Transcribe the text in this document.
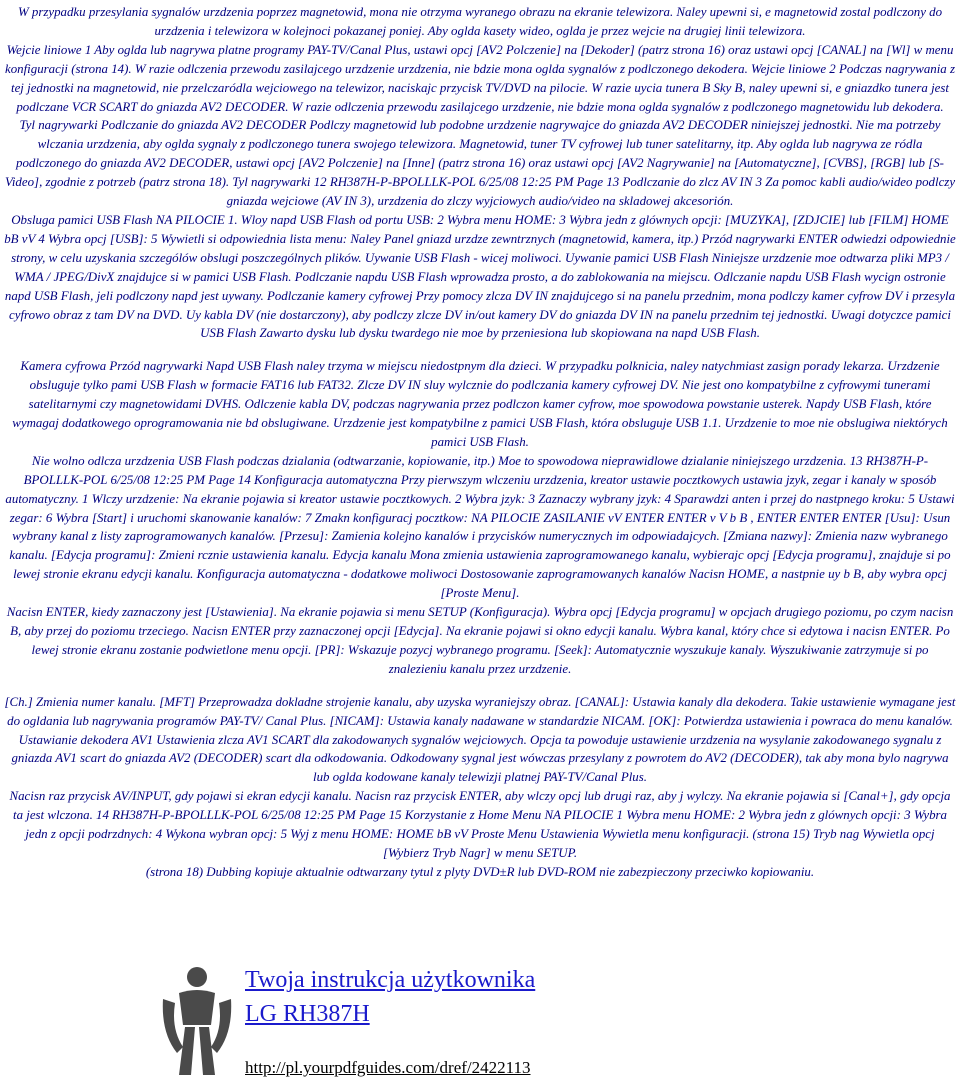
W przypadku przesylania sygnalów urzdzenia poprzez magnetowid, mona nie otrzyma wyranego obrazu na ekranie telewizora. Naley upewni si, e magnetowid zostal podlczony do urzdzenia i telewizora w kolejnoci pokazanej poniej. Aby oglda kasety wideo, oglda je przez wejcie na drugiej linii telewizora.

Wejcie liniowe 1 Aby oglda lub nagrywa platne programy PAY-TV/Canal Plus, ustawi opcj [AV2 Polczenie] na [Dekoder] (patrz strona 16) oraz ustawi opcj [CANAL] na [Wl] w menu konfiguracji (strona 14). W razie odlczenia przewodu zasilajcego urzdzenie urzdzenia, nie bdzie mona oglda sygnalów z podlczonego dekodera. Wejcie liniowe 2 Podczas nagrywania z tej jednostki na magnetowid, nie przelczaródla wejciowego na telewizor, naciskajc przycisk TV/DVD na pilocie. W razie uycia tunera B Sky B, naley upewni si, e gniazdko tunera jest podlczane VCR SCART do gniazda AV2 DECODER. W razie odlczenia przewodu zasilajcego urzdzenie, nie bdzie mona oglda sygnalów z podlczonego magnetowidu lub dekodera.

Tyl nagrywarki Podlczanie do gniazda AV2 DECODER Podlczy magnetowid lub podobne urzdzenie nagrywajce do gniazda AV2 DECODER niniejszej jednostki. Nie ma potrzeby wlczania urzdzenia, aby oglda sygnaly z podlczonego tunera swojego telewizora. Magnetowid, tuner TV cyfrowej lub tuner satelitarny, itp. Aby oglda lub nagrywa ze ródla podlczonego do gniazda AV2 DECODER, ustawi opcj [AV2 Polczenie] na [Inne] (patrz strona 16) oraz ustawi opcj [AV2 Nagrywanie] na [Automatyczne], [CVBS], [RGB] lub [S-Video], zgodnie z potrzeb (patrz strona 18). Tyl nagrywarki 12 RH387H-P-BPOLLLK-POL 6/25/08 12:25 PM Page 13 Podlczanie do zlcz AV IN 3 Za pomoc kabli audio/wideo podlczy gniazda wejciowe (AV IN 3), urzdzenia do zlczy wyjciowych audio/video na skladowej akcesorión.

Obsluga pamici USB Flash NA PILOCIE 1. Wloy napd USB Flash od portu USB: 2 Wybra menu HOME: 3 Wybra jedn z glównych opcji: [MUZYKA], [ZDJCIE] lub [FILM] HOME bB vV 4 Wybra opcj [USB]: 5 Wywietli si odpowiednia lista menu: Naley Panel gniazd urzdze zewntrznych (magnetowid, kamera, itp.) Przód nagrywarki ENTER odwiedzi odpowiednie strony, w celu uzyskania szczególów obslugi poszczególnych plików. Uywanie USB Flash - wicej moliwoci. Uywanie pamici USB Flash Niniejsze urzdzenie moe odtwarza pliki MP3 / WMA / JPEG/DivX znajdujce si w pamici USB Flash. Podlczanie napdu USB Flash wprowadza prosto, a do zablokowania na miejscu. Odlczanie napdu USB Flash wycign ostronie napd USB Flash, jeli podlczony napd jest uywany. Podlczanie kamery cyfrowej Przy pomocy zlcza DV IN znajdujcego si na panelu przednim, mona podlczy kamer cyfrow DV i przesyla cyfrowo obraz z tam DV na DVD. Uy kabla DV (nie dostarczony), aby podlczy zlcze DV in/out kamery DV do gniazda DV IN na panelu przednim tej jednostki. Uwagi dotyczce pamici USB Flash Zawarto dysku lub dysku twardego nie moe by przeniesiona lub skopiowana na napd USB Flash.

Kamera cyfrowa Przód nagrywarki Napd USB Flash naley trzyma w miejscu niedostpnym dla dzieci. W przypadku polknicia, naley natychmiast zasign porady lekarza. Urzdzenie obsluguje tylko pami USB Flash w formacie FAT16 lub FAT32. Zlcze DV IN sluy wylcznie do podlczania kamery cyfrowej DV. Nie jest ono kompatybilne z cyfrowymi tunerami satelitarnymi czy magnetowidami DVHS. Odlczenie kabla DV, podczas nagrywania przez podlczon kamer cyfrow, moe spowodowa powstanie usterek. Napdy USB Flash, które wymagaj dodatkowego oprogramowania nie bd obslugiwane. Urzdzenie jest kompatybilne z pamici USB Flash, która obsluguje USB 1.1. Urzdzenie to moe nie obslugiwa niektórych pamici USB Flash.

Nie wolno odlcza urzdzenia USB Flash podczas dzialania (odtwarzanie, kopiowanie, itp.) Moe to spowodowa nieprawidlowe dzialanie niniejszego urzdzenia. 13 RH387H-P-BPOLLLK-POL 6/25/08 12:25 PM Page 14 Konfiguracja automatyczna Przy pierwszym wlczeniu urzdzenia, kreator ustawie pocztkowych ustawia jzyk, zegar i kanaly w sposób automatyczny. 1 Wlczy urzdzenie: Na ekranie pojawia si kreator ustawie pocztkowych. 2 Wybra jzyk: 3 Zaznaczy wybrany jzyk: 4 Sparawdzi anten i przej do nastpnego kroku: 5 Ustawi zegar: 6 Wybra [Start] i uruchomi skanowanie kanalów: 7 Zmakn konfiguracj pocztkow: NA PILOCIE ZASILANIE vV ENTER ENTER v V b B , ENTER ENTER ENTER [Usu]: Usun wybrany kanal z listy zaprogramowanych kanalów. [Przesu]: Zamienia kolejno kanalów i przycisków numerycznych im odpowiadajcych. [Zmiana nazwy]: Zmienia nazw wybranego kanalu. [Edycja programu]: Zmieni rcznie ustawienia kanalu. Edycja kanalu Mona zmienia ustawienia zaprogramowanego kanalu, wybierajc opcj [Edycja programu], znajduje si po lewej stronie ekranu edycji kanalu. Konfiguracja automatyczna - dodatkowe moliwoci Dostosowanie zaprogramowanych kanalów Nacisn HOME, a nastpnie uy b B, aby wybra opcj [Proste Menu].

Nacisn ENTER, kiedy zaznaczony jest [Ustawienia]. Na ekranie pojawia si menu SETUP (Konfiguracja). Wybra opcj [Edycja programu] w opcjach drugiego poziomu, po czym nacisn B, aby przej do poziomu trzeciego. Nacisn ENTER przy zaznaczonej opcji [Edycja]. Na ekranie pojawi si okno edycji kanalu. Wybra kanal, który chce si edytowa i nacisn ENTER. Po lewej stronie ekranu zostanie podwietlone menu opcji. [PR]: Wskazuje pozycj wybranego programu. [Seek]: Automatycznie wyszukuje kanaly. Wyszukiwanie zatrzymuje si po znalezieniu kanalu przez urzdzenie.

[Ch.] Zmienia numer kanalu. [MFT] Przeprowadza dokladne strojenie kanalu, aby uzyska wyraniejszy obraz. [CANAL]: Ustawia kanaly dla dekodera. Takie ustawienie wymagane jest do ogldania lub nagrywania programów PAY-TV/ Canal Plus. [NICAM]: Ustawia kanaly nadawane w standardzie NICAM. [OK]: Potwierdza ustawienia i powraca do menu kanalów. Ustawianie dekodera AV1 Ustawienia zlcza AV1 SCART dla zakodowanych sygnalów wejciowych. Opcja ta powoduje ustawienie urzdzenia na wysylanie zakodowanego sygnalu z gniazda AV1 scart do gniazda AV2 (DECODER) scart dla odkodowania. Odkodowany sygnal jest wówczas przesylany z powrotem do AV2 (DECODER), tak aby mona bylo nagrywa lub oglda kodowane kanaly telewizji platnej PAY-TV/Canal Plus.

Nacisn raz przycisk AV/INPUT, gdy pojawi si ekran edycji kanalu. Nacisn raz przycisk ENTER, aby wlczy opcj lub drugi raz, aby j wylczy. Na ekranie pojawia si [Canal+], gdy opcja ta jest wlczona. 14 RH387H-P-BPOLLLK-POL 6/25/08 12:25 PM Page 15 Korzystanie z Home Menu NA PILOCIE 1 Wybra menu HOME: 2 Wybra jedn z glównych opcji: 3 Wybra jedn z opcji podrzdnych: 4 Wykona wybran opcj: 5 Wyj z menu HOME: HOME bB vV Proste Menu Ustawienia Wywietla menu konfiguracji. (strona 15) Tryb nag Wywietla opcj [Wybierz Tryb Nagr] w menu SETUP.

(strona 18) Dubbing kopiuje aktualnie odtwarzany tytul z plyty DVD±R lub DVD-ROM nie zabezpieczony przeciwko kopiowaniu.

Twoja instrukcja użytkownika
LG RH387H
http://pl.yourpdfguides.com/dref/2422113
